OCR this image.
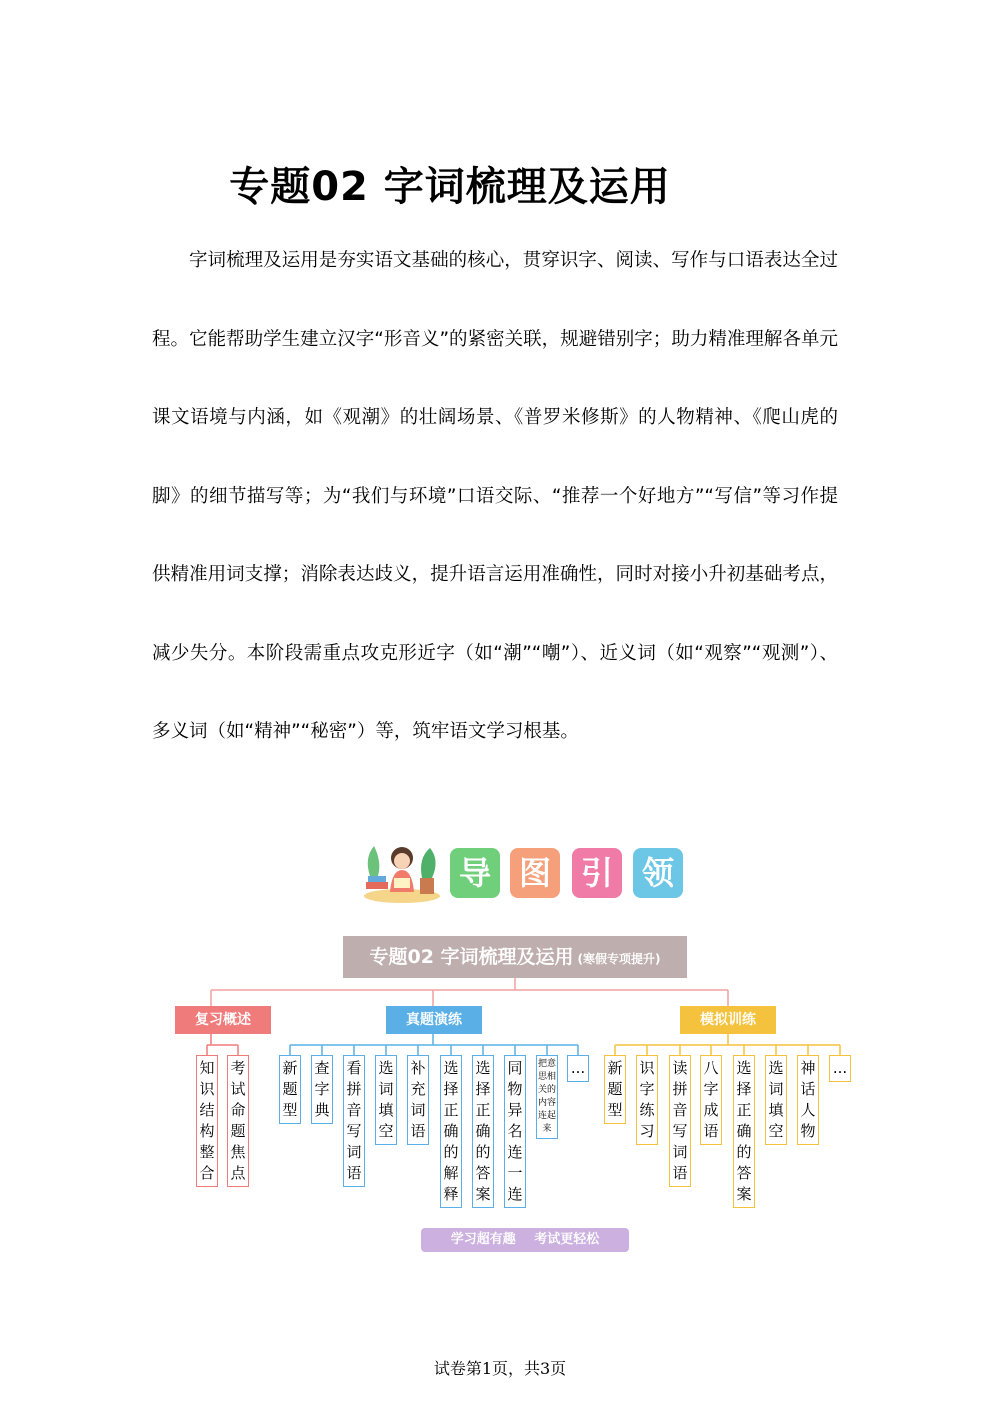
专题02 字词梳理及运用

字词梳理及运用是夯实语文基础的核心，贯穿识字、阅读、写作与口语表达全过程。它能帮助学生建立汉字“形音义”的紧密关联，规避错别字；助力精准理解各单元课文语境与内涵，如《观潮》的壮阔场景、《普罗米修斯》的人物精神、《爬山虎的脚》的细节描写等；为“我们与环境”口语交际、“推荐一个好地方”“写信”等习作提供精准用词支撑；消除表达歧义，提升语言运用准确性，同时对接小升初基础考点，减少失分。本阶段需重点攻克形近字（如“潮”“嘲”）、近义词（如“观察”“观测”）、多义词（如“精神”“秘密”）等，筑牢语文学习根基。

导 图 引 领
专题02 字词梳理及运用 (寒假专项提升)
复习概述	真题演练	模拟训练
知识结构整合
考试命题焦点
新题型
查字典
看拼音写词语
选词填空
补充词语
选择正确的解释
选择正确的答案
同物异名连一连
把意思相关的内容连起来
... 新题型
识字练习
读拼音写词语
八字成语
选择正确的答案
选词填空
神话人物
...
学习超有趣 考试更轻松
试卷第1页，共3页
